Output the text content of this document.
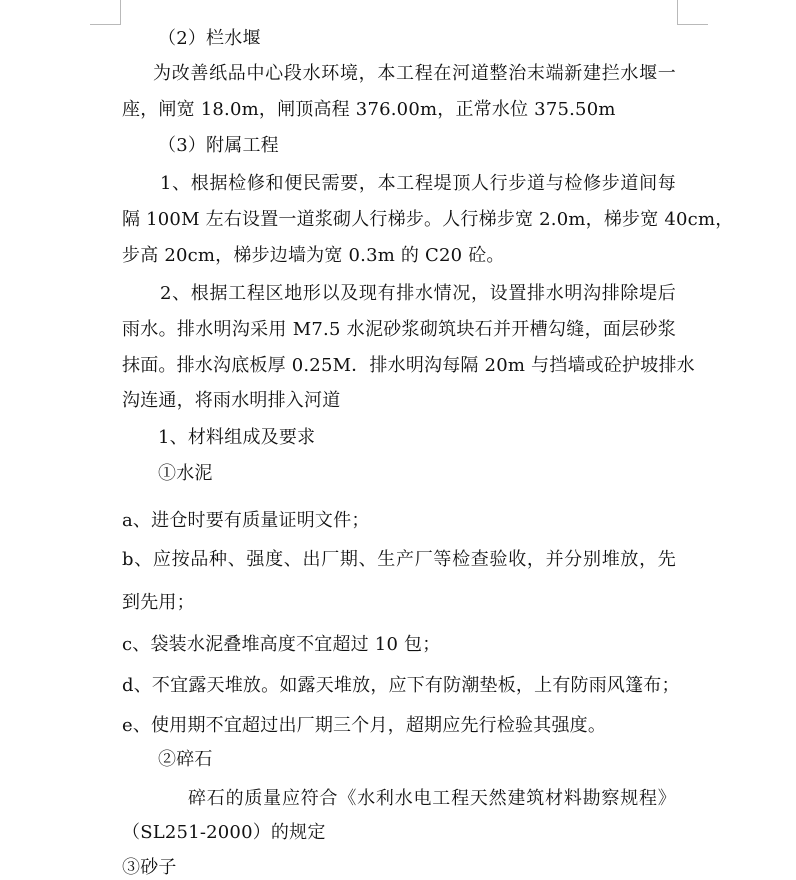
（2）栏水堰
为改善纸品中心段水环境，本工程在河道整治末端新建拦水堰一
座，闸宽 18.0m，闸顶高程 376.00m，正常水位 375.50m
（3）附属工程
1、根据检修和便民需要，本工程堤顶人行步道与检修步道间每
隔 100M 左右设置一道浆砌人行梯步。人行梯步宽 2.0m，梯步宽 40cm，
步高 20cm，梯步边墙为宽 0.3m 的 C20 砼。
2、根据工程区地形以及现有排水情况，设置排水明沟排除堤后
雨水。排水明沟采用 M7.5 水泥砂浆砌筑块石并开槽勾缝，面层砂浆
抹面。排水沟底板厚 0.25M．排水明沟每隔 20m 与挡墙或砼护坡排水
沟连通，将雨水明排入河道
1、材料组成及要求
①水泥
a、进仓时要有质量证明文件；
b、应按品种、强度、出厂期、生产厂等检查验收，并分别堆放，先
到先用；
c、袋装水泥叠堆高度不宜超过 10 包；
d、不宜露天堆放。如露天堆放，应下有防潮垫板，上有防雨风篷布；
e、使用期不宜超过出厂期三个月，超期应先行检验其强度。
②碎石
碎石的质量应符合《水利水电工程天然建筑材料勘察规程》
（SL251-2000）的规定
③砂子
